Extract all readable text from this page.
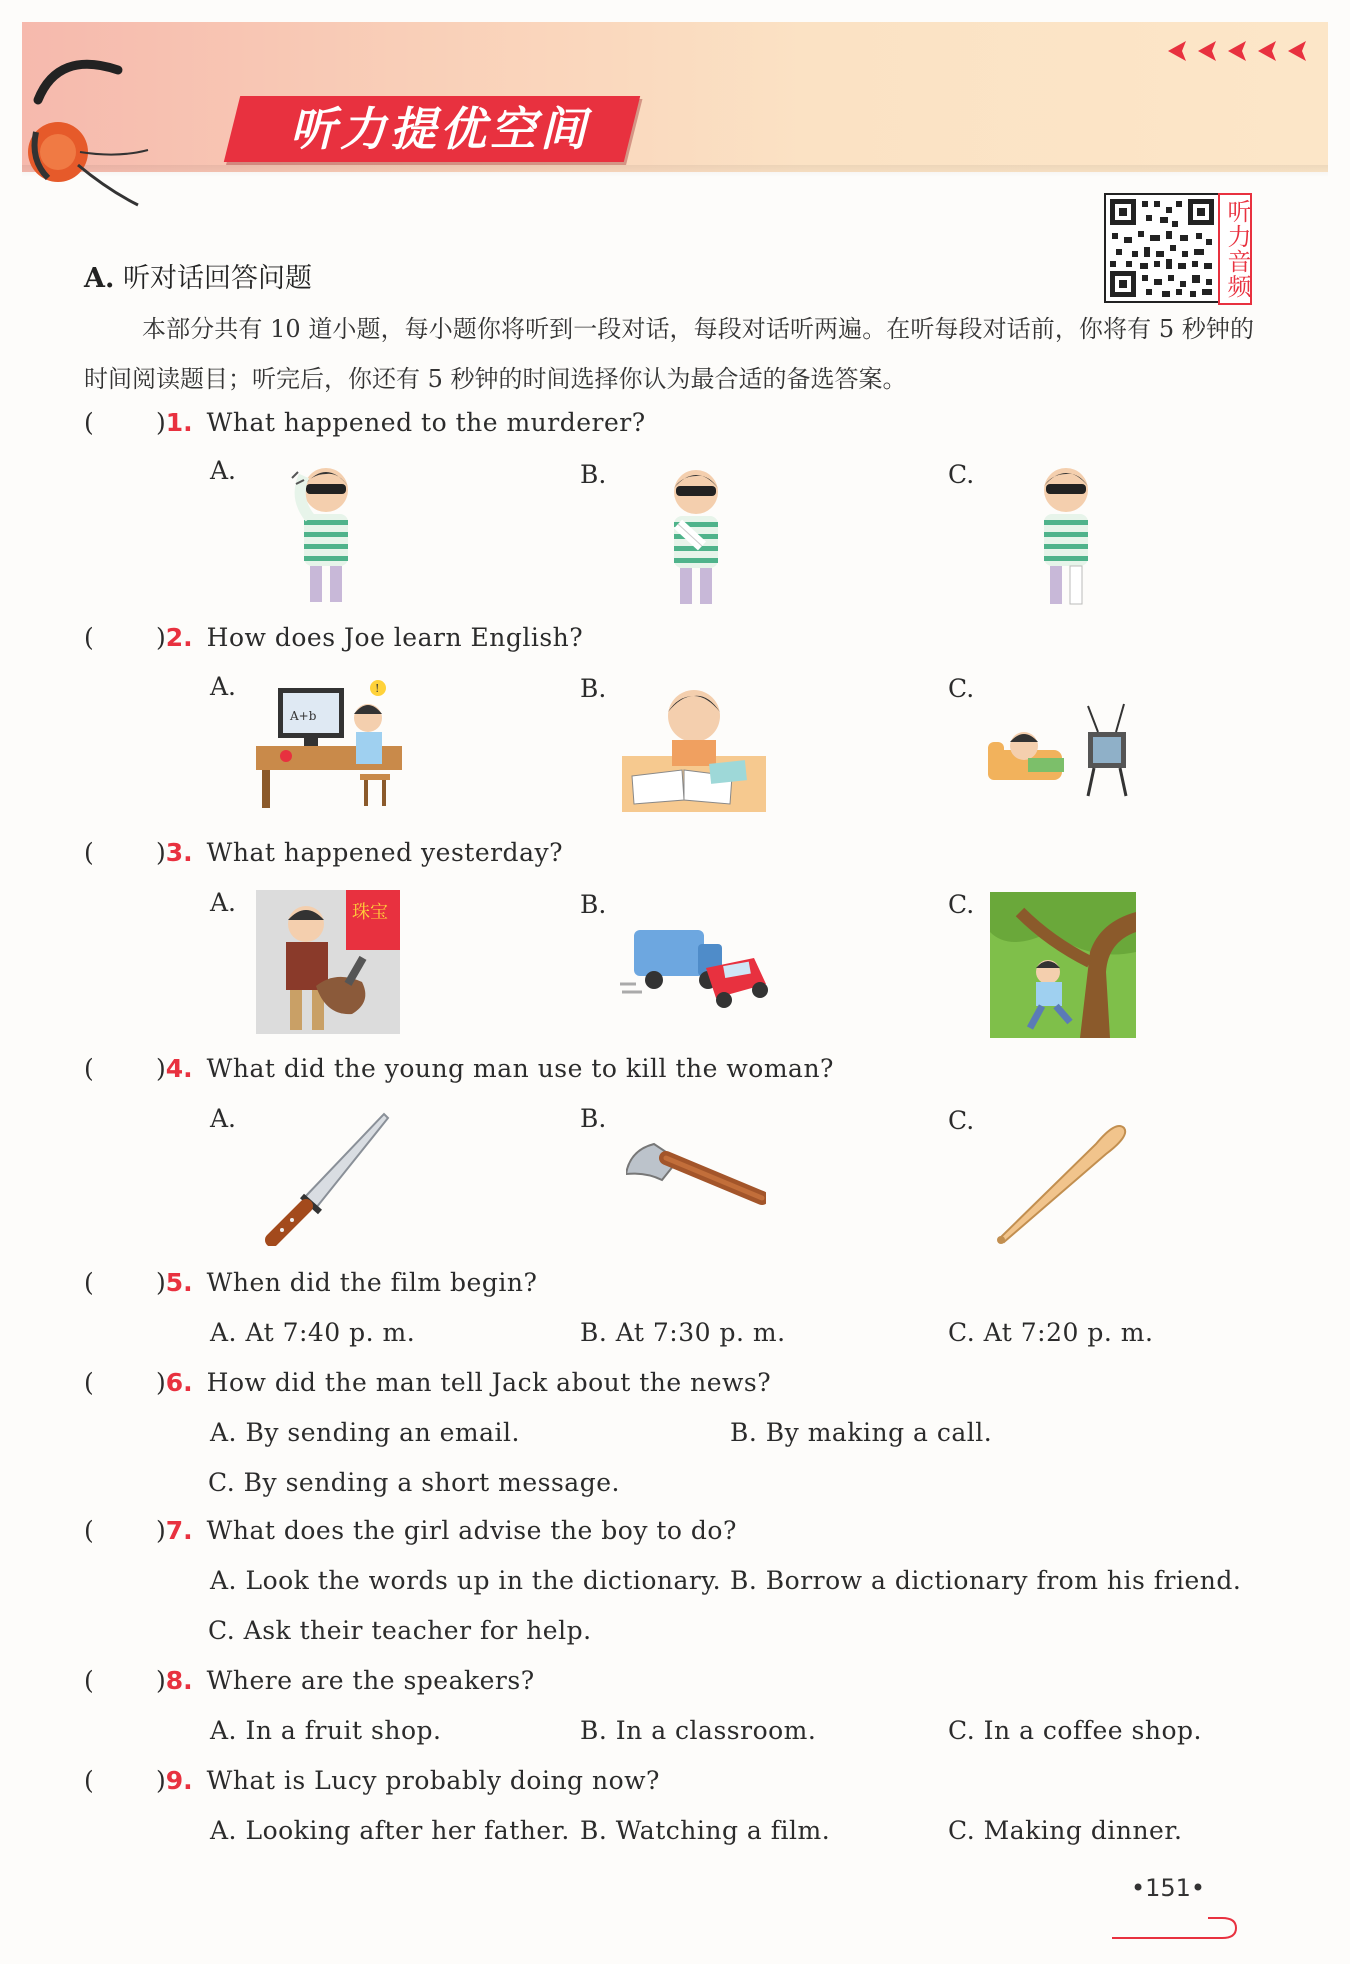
听力提优空间
听力音频
A. 听对话回答问题
本部分共有 10 道小题，每小题你将听到一段对话，每段对话听两遍。在听每段对话前，你将有 5 秒钟的时间阅读题目；听完后，你还有 5 秒钟的时间选择你认为最合适的备选答案。
( )1. What happened to the murderer?
A.	B.	C.
( )2. How does Joe learn English?
A.	B.	C.
A+b
!
( )3. What happened yesterday?
A.	B.	C.
珠宝
( )4. What did the young man use to kill the woman?
A.	B.	C.
( )5. When did the film begin?
A. At 7:40 p. m.	B. At 7:30 p. m.	C. At 7:20 p. m.
( )6. How did the man tell Jack about the news?
A. By sending an email.	B. By making a call.
C. By sending a short message.
( )7. What does the girl advise the boy to do?
A. Look the words up in the dictionary. B. Borrow a dictionary from his friend.
C. Ask their teacher for help.
( )8. Where are the speakers?
A. In a fruit shop.	B. In a classroom.	C. In a coffee shop.
( )9. What is Lucy probably doing now?
A. Looking after her father. B. Watching a film.	C. Making dinner.
•151•
